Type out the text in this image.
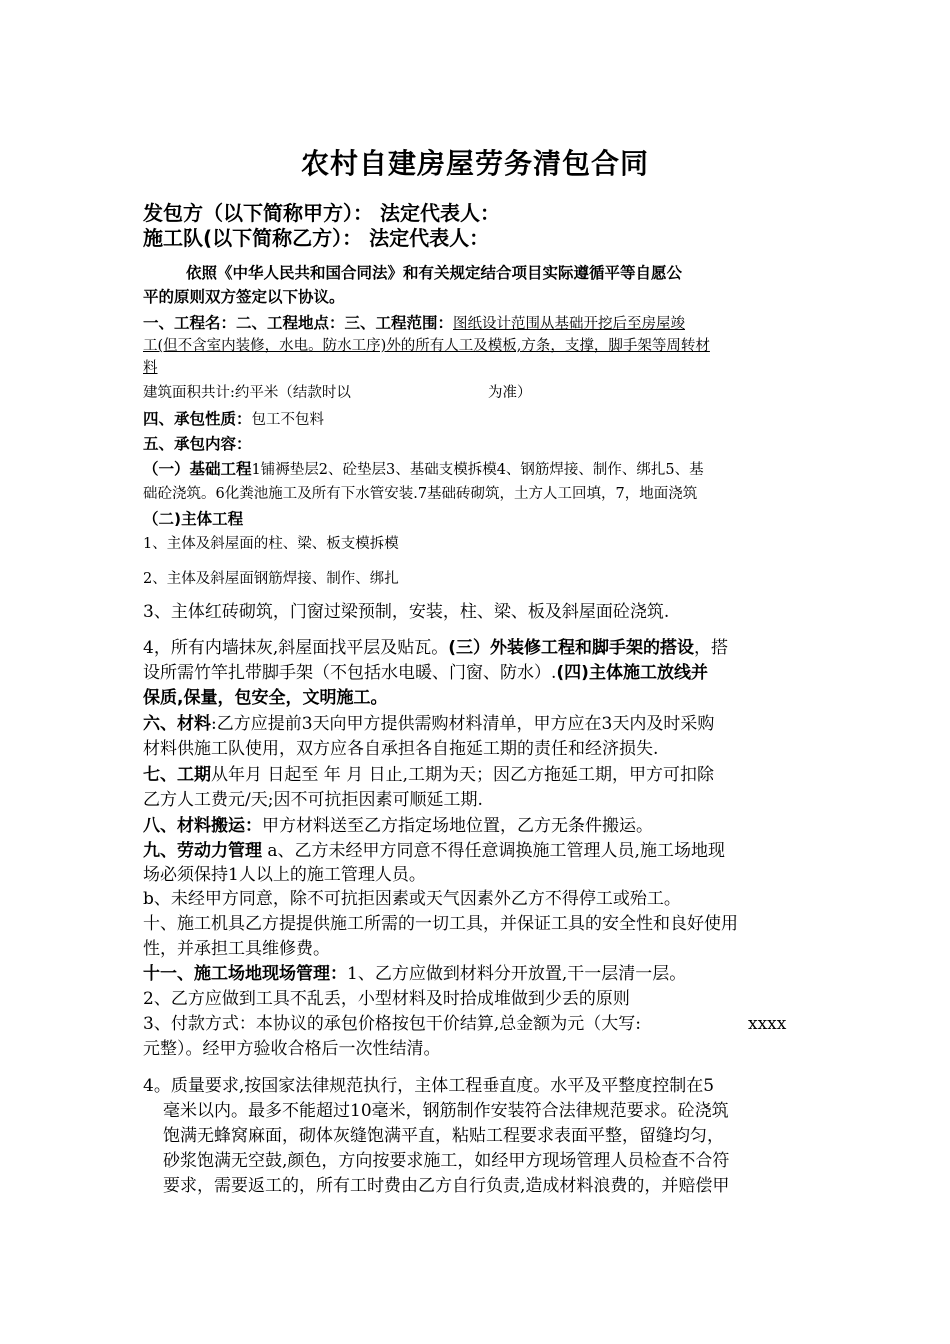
农村自建房屋劳务清包合同
发包方（以下简称甲方）： 法定代表人：
施工队(以下简称乙方）： 法定代表人：
依照《中华人民共和国合同法》和有关规定结合项目实际遵循平等自愿公
平的原则双方签定以下协议。
一、工程名：二、工程地点：三、工程范围：图纸设计范围从基础开挖后至房屋竣
工(但不含室内装修，水电。防水工序)外的所有人工及模板,方条，支撑，脚手架等周转材
料
建筑面积共计:约平米（结款时以	为准）
四、承包性质：包工不包料
五、承包内容：
（一）基础工程1铺褥垫层2、砼垫层3、基础支模拆模4、钢筋焊接、制作、绑扎5、基
础砼浇筑。6化粪池施工及所有下水管安装.7基础砖砌筑，土方人工回填，7，地面浇筑
（二)主体工程
1、主体及斜屋面的柱、梁、板支模拆模
2、主体及斜屋面钢筋焊接、制作、绑扎
3、主体红砖砌筑，门窗过梁预制，安装，柱、梁、板及斜屋面砼浇筑.
4，所有内墙抹灰,斜屋面找平层及贴瓦。(三）外装修工程和脚手架的搭设，搭
设所需竹竿扎带脚手架（不包括水电暖、门窗、防水）.(四)主体施工放线并
保质,保量，包安全，文明施工。
六、材料:乙方应提前3天向甲方提供需购材料清单，甲方应在3天内及时采购
材料供施工队使用，双方应各自承担各自拖延工期的责任和经济损失.
七、工期从年月 日起至 年 月 日止,工期为天；因乙方拖延工期，甲方可扣除
乙方人工费元/天;因不可抗拒因素可顺延工期.
八、材料搬运：甲方材料送至乙方指定场地位置，乙方无条件搬运。
九、劳动力管理 a、乙方未经甲方同意不得任意调换施工管理人员,施工场地现
场必须保持1人以上的施工管理人员。
b、未经甲方同意，除不可抗拒因素或天气因素外乙方不得停工或殆工。
十、施工机具乙方提提供施工所需的一切工具，并保证工具的安全性和良好使用
性，并承担工具维修费。
十一、施工场地现场管理：1、乙方应做到材料分开放置,干一层清一层。
2、乙方应做到工具不乱丢，小型材料及时拾成堆做到少丢的原则
3、付款方式：本协议的承包价格按包干价结算,总金额为元（大写:	xxxx
元整）。经甲方验收合格后一次性结清。
4。质量要求,按国家法律规范执行，主体工程垂直度。水平及平整度控制在5
毫米以内。最多不能超过10毫米，钢筋制作安装符合法律规范要求。砼浇筑
饱满无蜂窝麻面，砌体灰缝饱满平直，粘贴工程要求表面平整，留缝均匀，
砂浆饱满无空鼓,颜色，方向按要求施工，如经甲方现场管理人员检查不合符
要求，需要返工的，所有工时费由乙方自行负责,造成材料浪费的，并赔偿甲
